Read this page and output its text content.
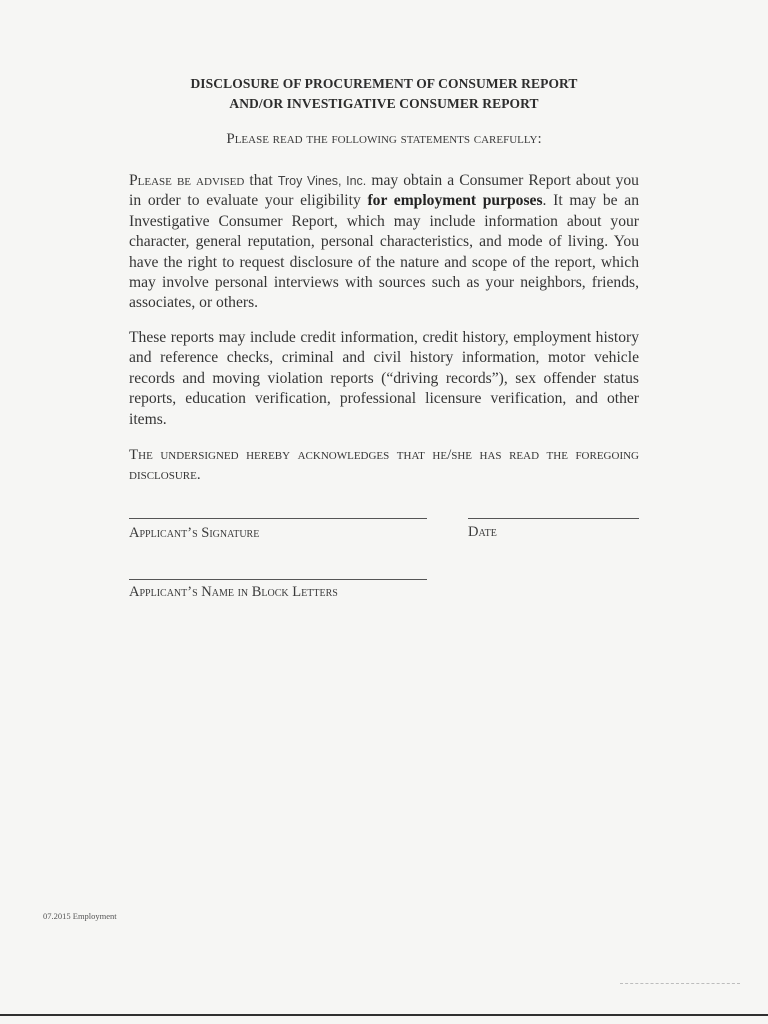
DISCLOSURE OF PROCUREMENT OF CONSUMER REPORT
AND/OR INVESTIGATIVE CONSUMER REPORT
Please read the following statements carefully:
Please be advised that Troy Vines, Inc. may obtain a Consumer Report about you in order to evaluate your eligibility for employment purposes. It may be an Investigative Consumer Report, which may include information about your character, general reputation, personal characteristics, and mode of living. You have the right to request disclosure of the nature and scope of the report, which may involve personal interviews with sources such as your neighbors, friends, associates, or others.
These reports may include credit information, credit history, employment history and reference checks, criminal and civil history information, motor vehicle records and moving violation reports (“driving records”), sex offender status reports, education verification, professional licensure verification, and other items.
The undersigned hereby acknowledges that he/she has read the foregoing disclosure.
Applicant’s Signature	Date
Applicant’s Name in Block Letters
07.2015 Employment
